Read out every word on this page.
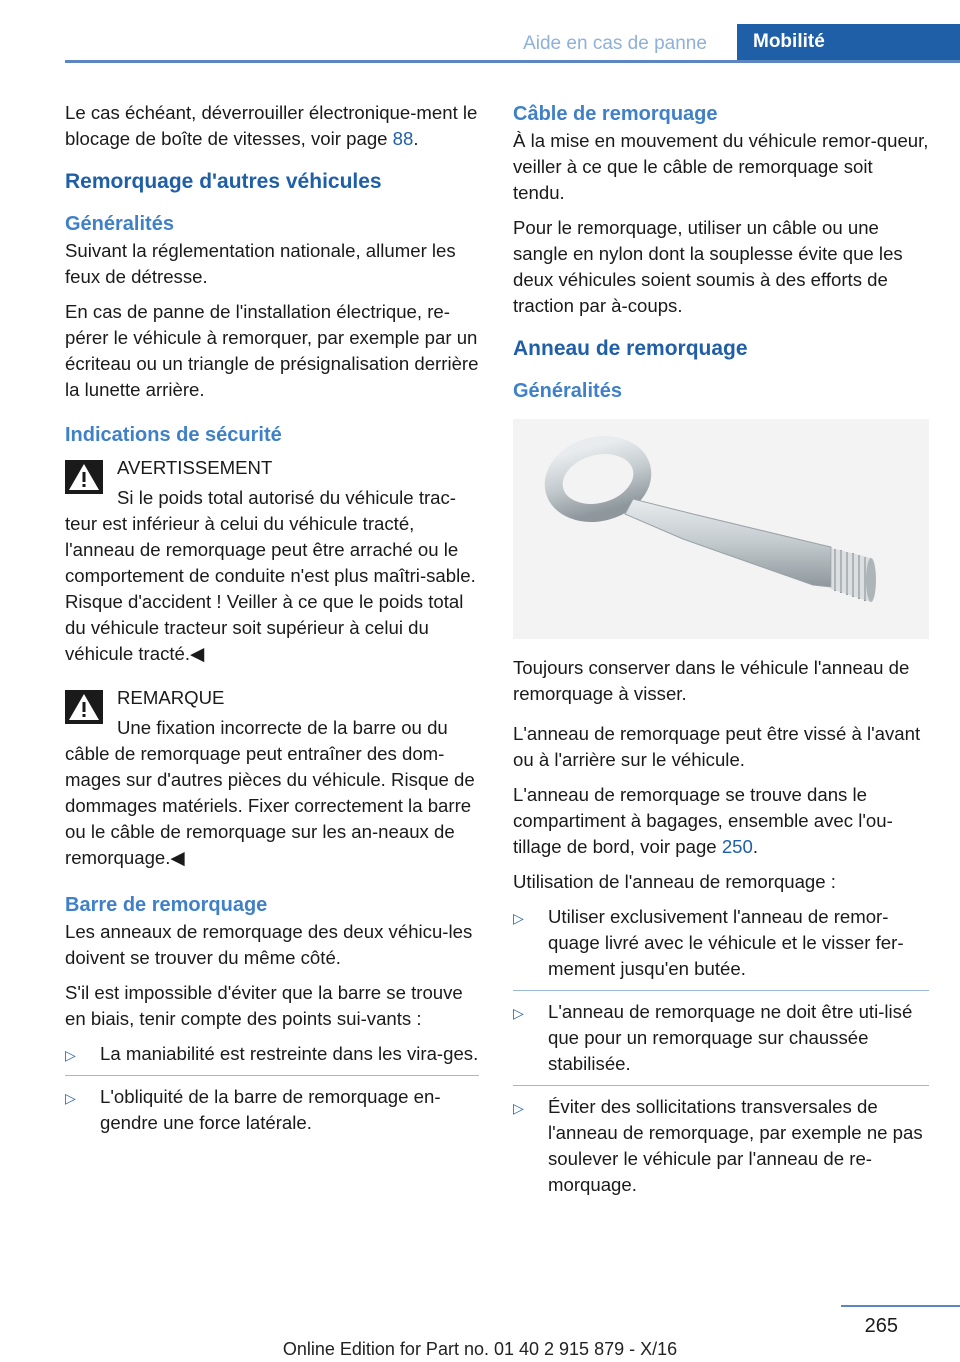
Aide en cas de panne	Mobilité

Le cas échéant, déverrouiller électronique-ment le blocage de boîte de vitesses, voir page 88.

Remorquage d'autres véhicules
Généralités

Suivant la réglementation nationale, allumer les feux de détresse.

En cas de panne de l'installation électrique, re-pérer le véhicule à remorquer, par exemple par un écriteau ou un triangle de présignalisation derrière la lunette arrière.

Indications de sécurité
AVERTISSEMENT
Si le poids total autorisé du véhicule trac-
teur est inférieur à celui du véhicule tracté, l'anneau de remorquage peut être arraché ou le comportement de conduite n'est plus maîtri-sable. Risque d'accident ! Veiller à ce que le poids total du véhicule tracteur soit supérieur à celui du véhicule tracté.◀
REMARQUE
Une fixation incorrecte de la barre ou du
câble de remorquage peut entraîner des dom-mages sur d'autres pièces du véhicule. Risque de dommages matériels. Fixer correctement la barre ou le câble de remorquage sur les an-neaux de remorquage.◀
Barre de remorquage

Les anneaux de remorquage des deux véhicu-les doivent se trouver du même côté.

S'il est impossible d'éviter que la barre se trouve en biais, tenir compte des points sui-vants :

▷ La maniabilité est restreinte dans les vira-ges.
▷ L'obliquité de la barre de remorquage en-gendre une force latérale.
Câble de remorquage

À la mise en mouvement du véhicule remor-queur, veiller à ce que le câble de remorquage soit tendu.

Pour le remorquage, utiliser un câble ou une sangle en nylon dont la souplesse évite que les deux véhicules soient soumis à des efforts de traction par à-coups.

Anneau de remorquage
Généralités

Toujours conserver dans le véhicule l'anneau de remorquage à visser.

L'anneau de remorquage peut être vissé à l'avant ou à l'arrière sur le véhicule.

L'anneau de remorquage se trouve dans le compartiment à bagages, ensemble avec l'ou-tillage de bord, voir page 250.

Utilisation de l'anneau de remorquage :

▷ Utiliser exclusivement l'anneau de remor-quage livré avec le véhicule et le visser fer-mement jusqu'en butée.
▷ L'anneau de remorquage ne doit être uti-lisé que pour un remorquage sur chaussée stabilisée.
▷ Éviter des sollicitations transversales de l'anneau de remorquage, par exemple ne pas soulever le véhicule par l'anneau de re-morquage.
265
Online Edition for Part no. 01 40 2 915 879 - X/16
